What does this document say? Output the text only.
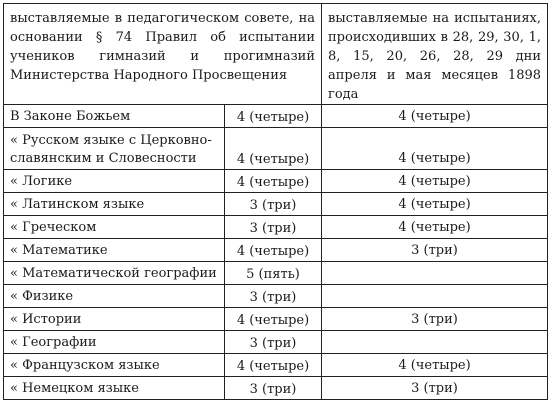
выставляемые в педагогическом совете, на основании § 74 Правил об испытании учеников гимназий и прогимназий Министерства Народного Просвещения		выставляемые на испытаниях, происходивших в 28, 29, 30, 1, 8, 15, 20, 26, 28, 29 дни апреля и мая месяцев 1898 года
В Законе Божьем	4 (четыре)	4 (четыре)
« Русском языке с Церковно-славянским и Словесности	4 (четыре)	4 (четыре)
« Логике	4 (четыре)	4 (четыре)
« Латинском языке	3 (три)	4 (четыре)
« Греческом	3 (три)	4 (четыре)
« Математике	4 (четыре)	3 (три)
« Математической географии	5 (пять)	
« Физике	3 (три)	
« Истории	4 (четыре)	3 (три)
« Географии	3 (три)	
« Французском языке	4 (четыре)	4 (четыре)
« Немецком языке	3 (три)	3 (три)
